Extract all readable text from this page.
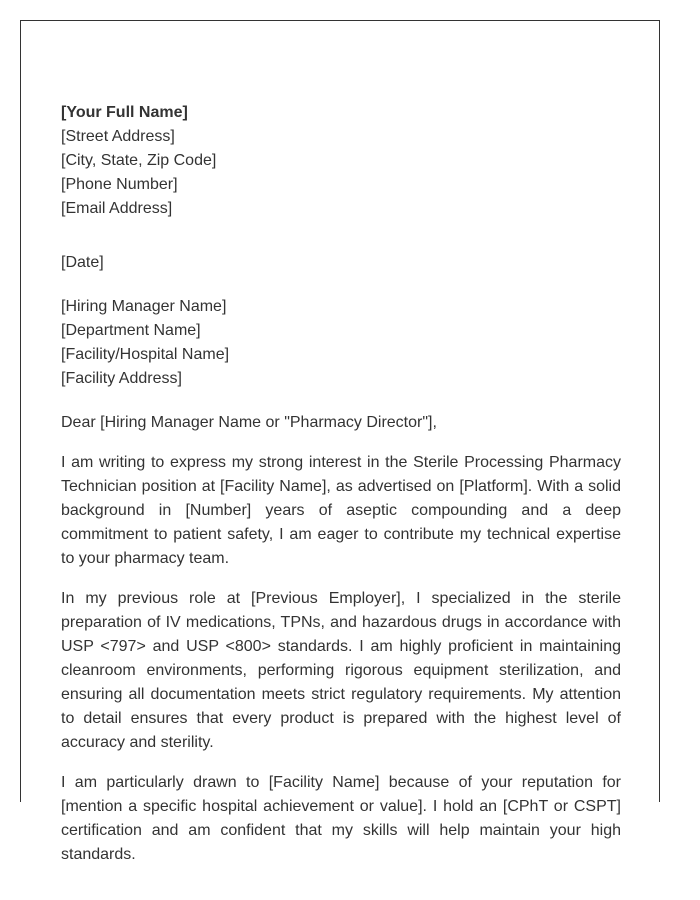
[Your Full Name]
[Street Address]
[City, State, Zip Code]
[Phone Number]
[Email Address]
[Date]
[Hiring Manager Name]
[Department Name]
[Facility/Hospital Name]
[Facility Address]

Dear [Hiring Manager Name or "Pharmacy Director"],

I am writing to express my strong interest in the Sterile Processing Pharmacy Technician position at [Facility Name], as advertised on [Platform]. With a solid background in [Number] years of aseptic compounding and a deep commitment to patient safety, I am eager to contribute my technical expertise to your pharmacy team.

In my previous role at [Previous Employer], I specialized in the sterile preparation of IV medications, TPNs, and hazardous drugs in accordance with USP <797> and USP <800> standards. I am highly proficient in maintaining cleanroom environments, performing rigorous equipment sterilization, and ensuring all documentation meets strict regulatory requirements. My attention to detail ensures that every product is prepared with the highest level of accuracy and sterility.

I am particularly drawn to [Facility Name] because of your reputation for [mention a specific hospital achievement or value]. I hold an [CPhT or CSPT] certification and am confident that my skills will help maintain your high standards.
